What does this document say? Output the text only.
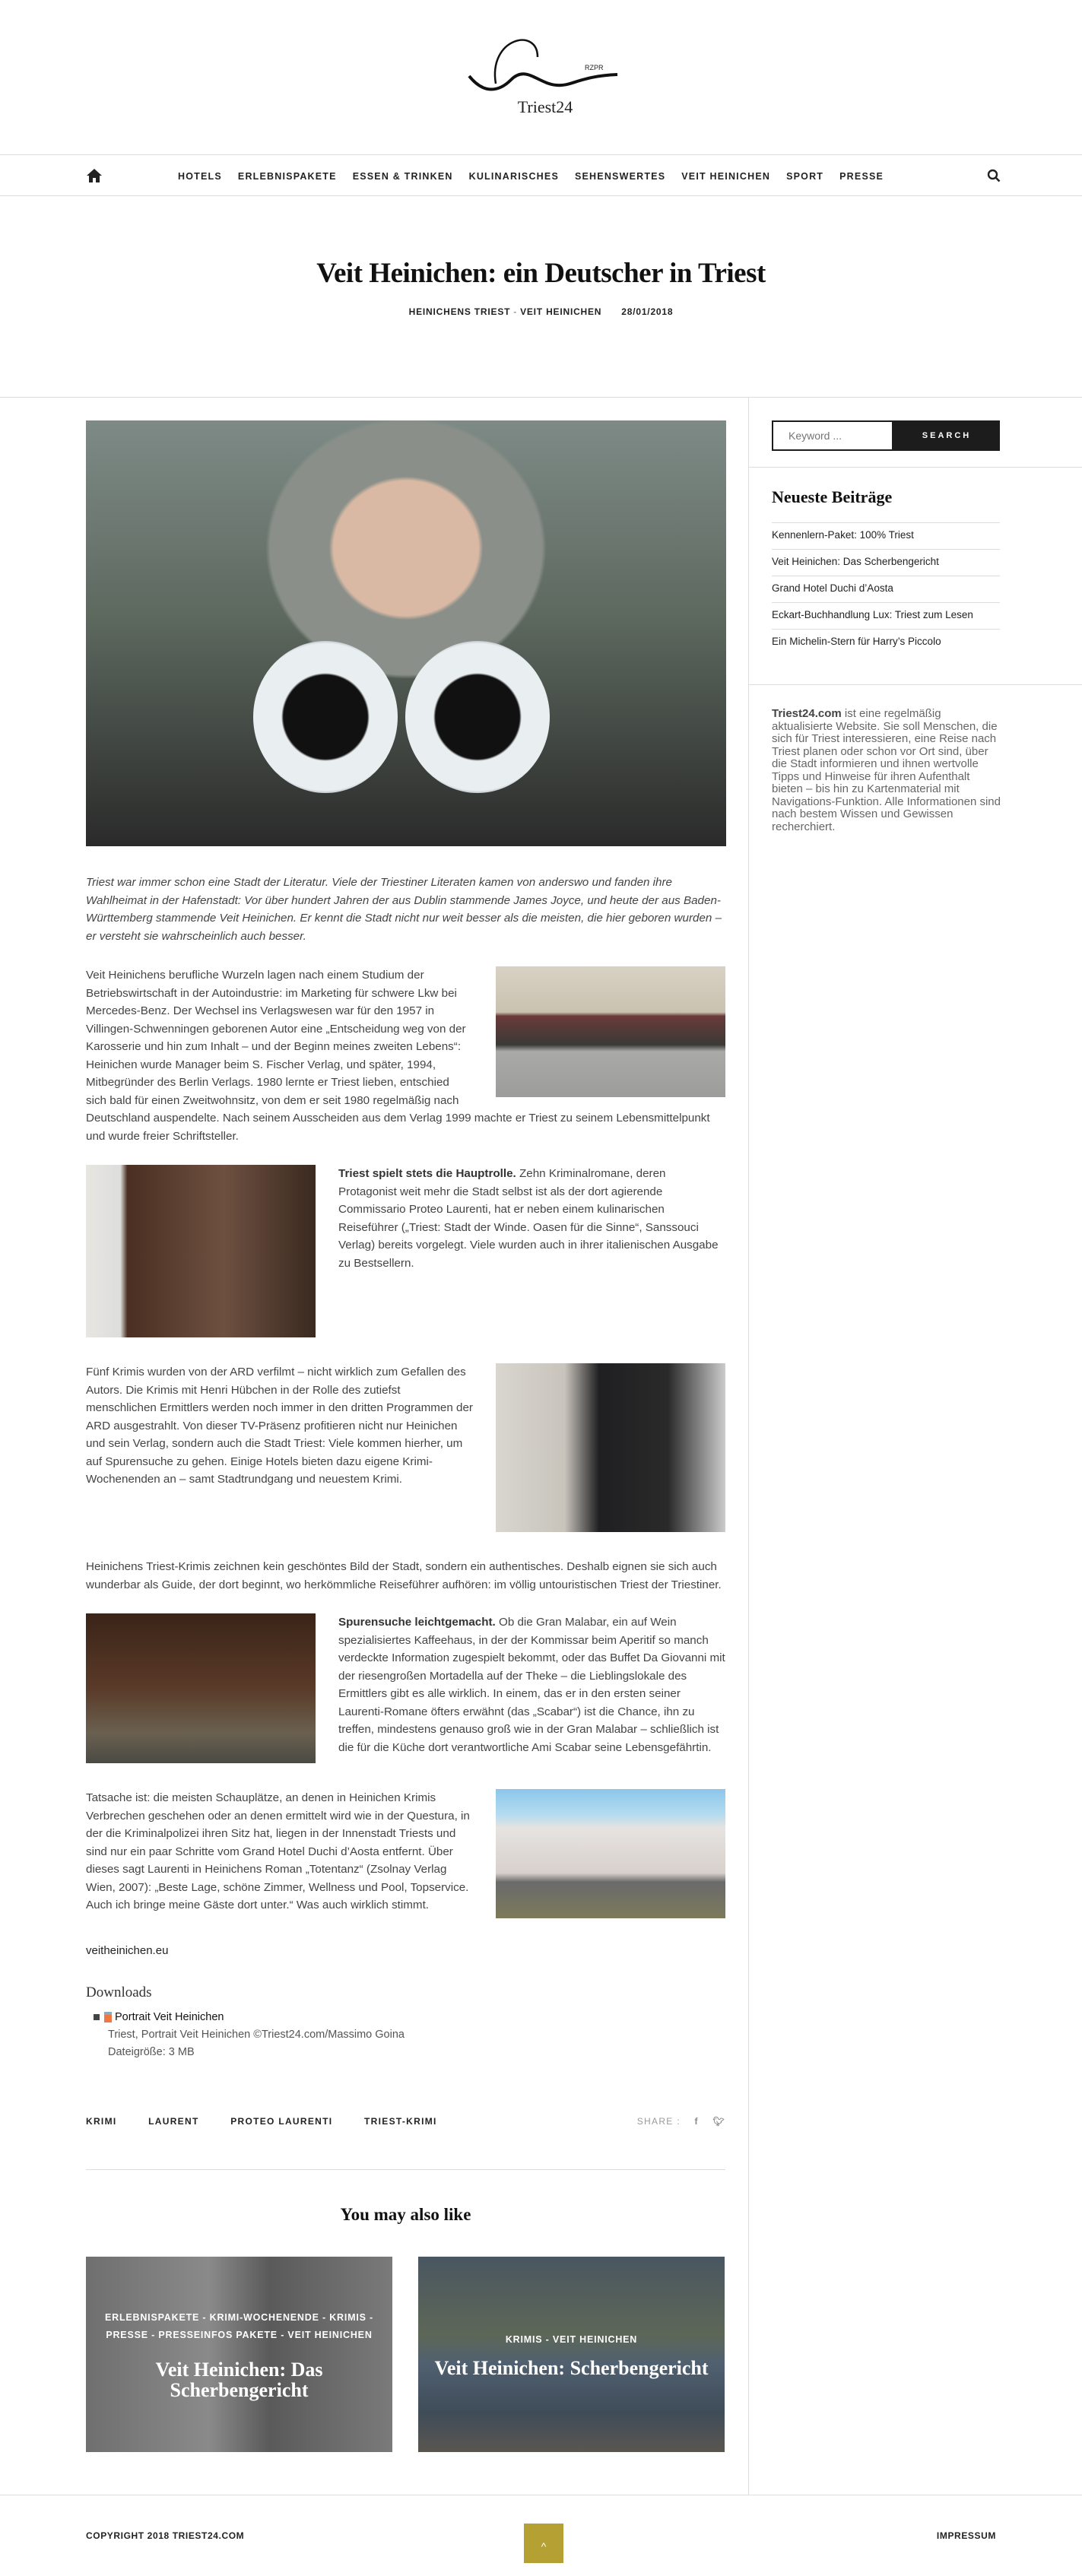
RZPR
Triest24
HOTELS ERLEBNISPAKETE ESSEN & TRINKEN KULINARISCHES SEHENSWERTES VEIT HEINICHEN SPORT PRESSE
Veit Heinichen: ein Deutscher in Triest
HEINICHENS TRIEST - VEIT HEINICHEN 28/01/2018

Triest war immer schon eine Stadt der Literatur. Viele der Triestiner Literaten kamen von anderswo und fanden ihre Wahlheimat in der Hafenstadt: Vor über hundert Jahren der aus Dublin stammende James Joyce, und heute der aus Baden-Württemberg stammende Veit Heinichen. Er kennt die Stadt nicht nur weit besser als die meisten, die hier geboren wurden – er versteht sie wahrscheinlich auch besser.

Veit Heinichens berufliche Wurzeln lagen nach einem Studium der Betriebswirtschaft in der Autoindustrie: im Marketing für schwere Lkw bei Mercedes-Benz. Der Wechsel ins Verlagswesen war für den 1957 in Villingen-Schwenningen geborenen Autor eine „Entscheidung weg von der Karosserie und hin zum Inhalt – und der Beginn meines zweiten Lebens“: Heinichen wurde Manager beim S. Fischer Verlag, und später, 1994, Mitbegründer des Berlin Verlags. 1980 lernte er Triest lieben, entschied sich bald für einen Zweitwohnsitz, von dem er seit 1980 regelmäßig nach Deutschland auspendelte. Nach seinem Ausscheiden aus dem Verlag 1999 machte er Triest zu seinem Lebensmittelpunkt und wurde freier Schriftsteller.
Triest spielt stets die Hauptrolle. Zehn Kriminalromane, deren Protagonist weit mehr die Stadt selbst ist als der dort agierende Commissario Proteo Laurenti, hat er neben einem kulinarischen Reiseführer („Triest: Stadt der Winde. Oasen für die Sinne“, Sanssouci Verlag) bereits vorgelegt. Viele wurden auch in ihrer italienischen Ausgabe zu Bestsellern.
Fünf Krimis wurden von der ARD verfilmt – nicht wirklich zum Gefallen des Autors. Die Krimis mit Henri Hübchen in der Rolle des zutiefst menschlichen Ermittlers werden noch immer in den dritten Programmen der ARD ausgestrahlt. Von dieser TV-Präsenz profitieren nicht nur Heinichen und sein Verlag, sondern auch die Stadt Triest: Viele kommen hierher, um auf Spurensuche zu gehen. Einige Hotels bieten dazu eigene Krimi-Wochenenden an – samt Stadtrundgang und neuestem Krimi.

Heinichens Triest-Krimis zeichnen kein geschöntes Bild der Stadt, sondern ein authentisches. Deshalb eignen sie sich auch wunderbar als Guide, der dort beginnt, wo herkömmliche Reiseführer aufhören: im völlig untouristischen Triest der Triestiner.

Spurensuche leichtgemacht. Ob die Gran Malabar, ein auf Wein spezialisiertes Kaffeehaus, in der der Kommissar beim Aperitif so manch verdeckte Information zugespielt bekommt, oder das Buffet Da Giovanni mit der riesengroßen Mortadella auf der Theke – die Lieblingslokale des Ermittlers gibt es alle wirklich. In einem, das er in den ersten seiner Laurenti-Romane öfters erwähnt (das „Scabar“) ist die Chance, ihn zu treffen, mindestens genauso groß wie in der Gran Malabar – schließlich ist die für die Küche dort verantwortliche Ami Scabar seine Lebensgefährtin.
Tatsache ist: die meisten Schauplätze, an denen in Heinichen Krimis Verbrechen geschehen oder an denen ermittelt wird wie in der Questura, in der die Kriminalpolizei ihren Sitz hat, liegen in der Innenstadt Triests und sind nur ein paar Schritte vom Grand Hotel Duchi d’Aosta entfernt. Über dieses sagt Laurenti in Heinichens Roman „Totentanz“ (Zsolnay Verlag Wien, 2007): „Beste Lage, schöne Zimmer, Wellness und Pool, Topservice. Auch ich bringe meine Gäste dort unter.“ Was auch wirklich stimmt.
veitheinichen.eu
Downloads
Portrait Veit Heinichen
Triest, Portrait Veit Heinichen ©Triest24.com/Massimo Goina
Dateigröße: 3 MB
KRIMI	LAURENT	PROTEO LAURENTI	TRIEST-KRIMI	SHARE : f 🐦︎
You may also like
ERLEBNISPAKETE - KRIMI-WOCHENENDE - KRIMIS - PRESSE - PRESSEINFOS PAKETE - VEIT HEINICHEN
Veit Heinichen: Das Scherbengericht
KRIMIS - VEIT HEINICHEN
Veit Heinichen: Scherbengericht
Keyword ...
SEARCH
Neueste Beiträge
Kennenlern-Paket: 100% Triest
Veit Heinichen: Das Scherbengericht
Grand Hotel Duchi d’Aosta
Eckart-Buchhandlung Lux: Triest zum Lesen
Ein Michelin-Stern für Harry’s Piccolo

Triest24.com ist eine regelmäßig aktualisierte Website. Sie soll Menschen, die sich für Triest interessieren, eine Reise nach Triest planen oder schon vor Ort sind, über die Stadt informieren und ihnen wertvolle Tipps und Hinweise für ihren Aufenthalt bieten – bis hin zu Kartenmaterial mit Navigations-Funktion. Alle Informationen sind nach bestem Wissen und Gewissen recherchiert.

COPYRIGHT 2018 TRIEST24.COM
^
IMPRESSUM
